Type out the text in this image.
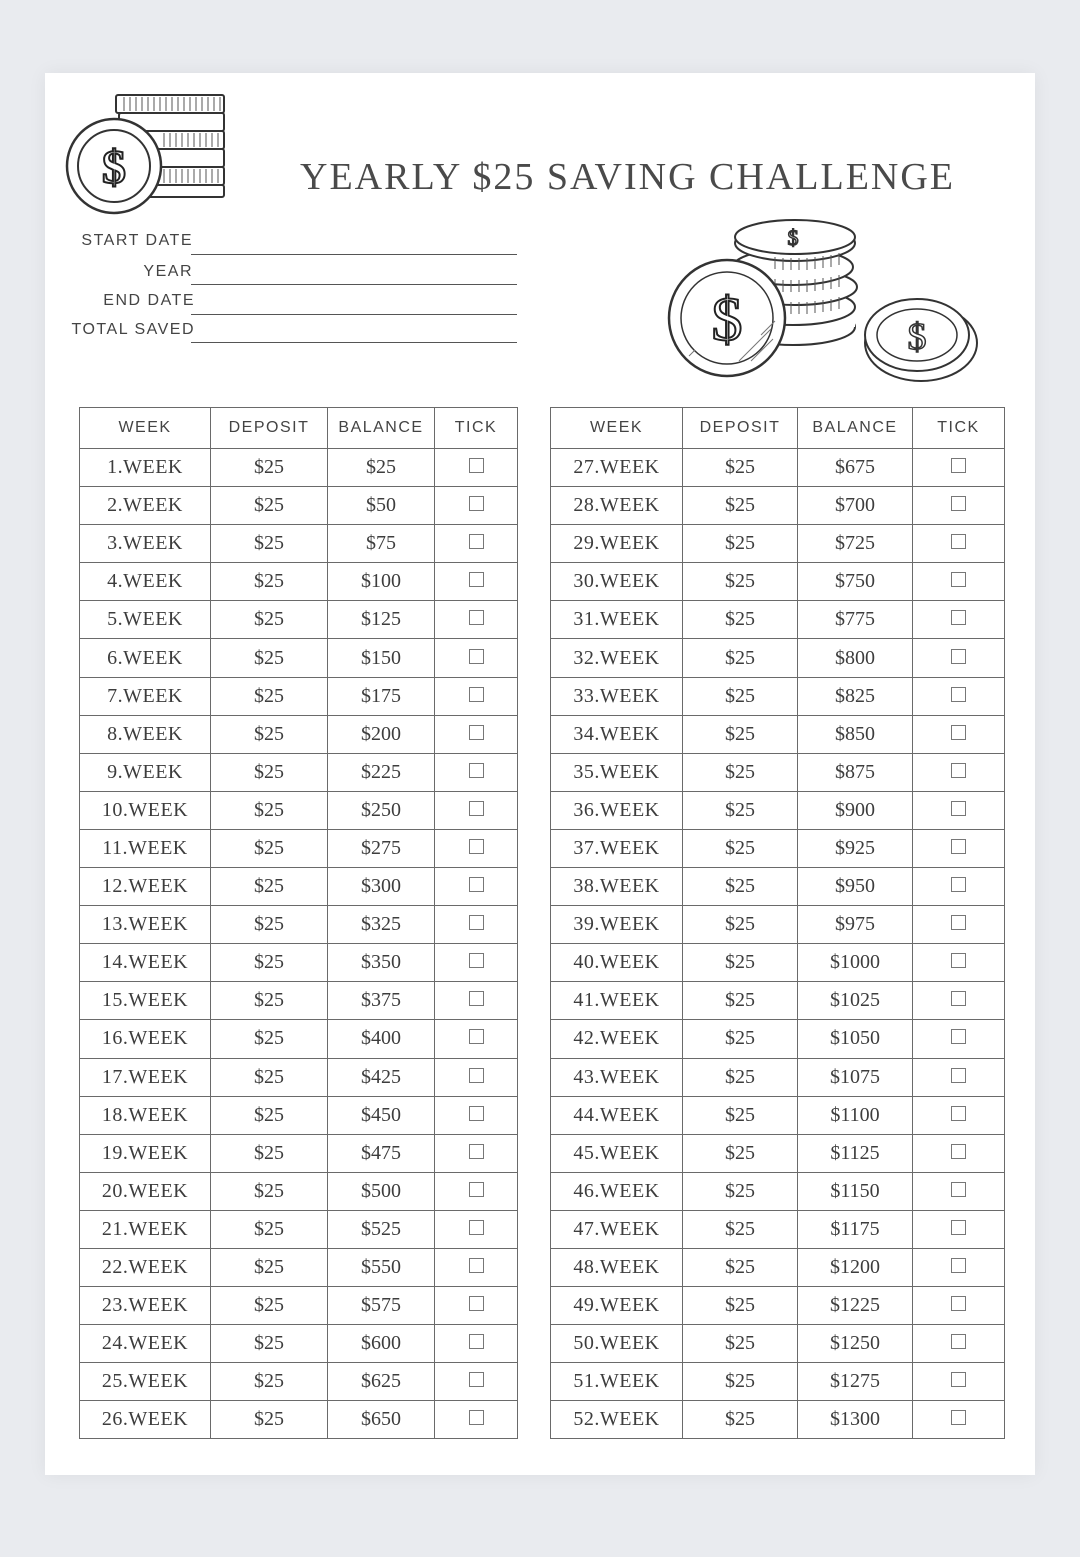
$	YEARLY $25 SAVING CHALLENGE
START DATE
YEAR
END DATE
TOTAL SAVED
$
$
$
WEEK	DEPOSIT	BALANCE	TICK
1.WEEK	$25	$25	
2.WEEK	$25	$50	
3.WEEK	$25	$75	
4.WEEK	$25	$100	
5.WEEK	$25	$125	
6.WEEK	$25	$150	
7.WEEK	$25	$175	
8.WEEK	$25	$200	
9.WEEK	$25	$225	
10.WEEK	$25	$250	
11.WEEK	$25	$275	
12.WEEK	$25	$300	
13.WEEK	$25	$325	
14.WEEK	$25	$350	
15.WEEK	$25	$375	
16.WEEK	$25	$400	
17.WEEK	$25	$425	
18.WEEK	$25	$450	
19.WEEK	$25	$475	
20.WEEK	$25	$500	
21.WEEK	$25	$525	
22.WEEK	$25	$550	
23.WEEK	$25	$575	
24.WEEK	$25	$600	
25.WEEK	$25	$625	
26.WEEK	$25	$650	
WEEK	DEPOSIT	BALANCE	TICK
27.WEEK	$25	$675	
28.WEEK	$25	$700	
29.WEEK	$25	$725	
30.WEEK	$25	$750	
31.WEEK	$25	$775	
32.WEEK	$25	$800	
33.WEEK	$25	$825	
34.WEEK	$25	$850	
35.WEEK	$25	$875	
36.WEEK	$25	$900	
37.WEEK	$25	$925	
38.WEEK	$25	$950	
39.WEEK	$25	$975	
40.WEEK	$25	$1000	
41.WEEK	$25	$1025	
42.WEEK	$25	$1050	
43.WEEK	$25	$1075	
44.WEEK	$25	$1100	
45.WEEK	$25	$1125	
46.WEEK	$25	$1150	
47.WEEK	$25	$1175	
48.WEEK	$25	$1200	
49.WEEK	$25	$1225	
50.WEEK	$25	$1250	
51.WEEK	$25	$1275	
52.WEEK	$25	$1300	
